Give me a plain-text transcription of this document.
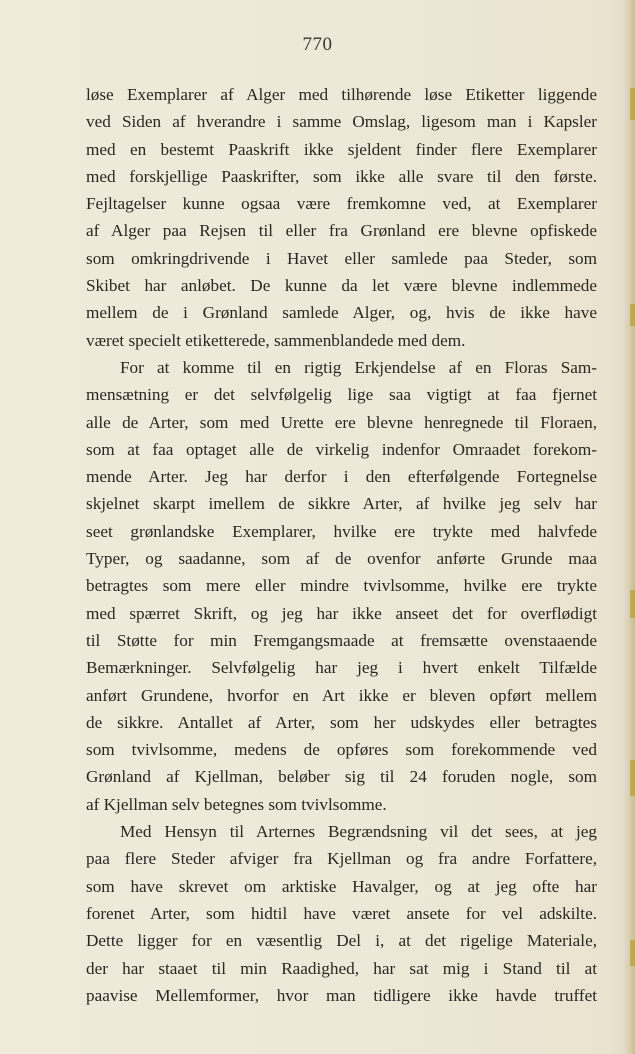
770
løse Exemplarer af Alger med tilhørende løse Etiketter liggende
ved Siden af hverandre i samme Omslag, ligesom man i Kapsler
med en bestemt Paaskrift ikke sjeldent finder flere Exemplarer
med forskjellige Paaskrifter, som ikke alle svare til den første.
Fejltagelser kunne ogsaa være fremkomne ved, at Exemplarer
af Alger paa Rejsen til eller fra Grønland ere blevne opfiskede
som omkringdrivende i Havet eller samlede paa Steder, som
Skibet har anløbet. De kunne da let være blevne indlemmede
mellem de i Grønland samlede Alger, og, hvis de ikke have
været specielt etiketterede, sammenblandede med dem.
For at komme til en rigtig Erkjendelse af en Floras Sam-
mensætning er det selvfølgelig lige saa vigtigt at faa fjernet
alle de Arter, som med Urette ere blevne henregnede til Floraen,
som at faa optaget alle de virkelig indenfor Omraadet forekom-
mende Arter. Jeg har derfor i den efterfølgende Fortegnelse
skjelnet skarpt imellem de sikkre Arter, af hvilke jeg selv har
seet grønlandske Exemplarer, hvilke ere trykte med halvfede
Typer, og saadanne, som af de ovenfor anførte Grunde maa
betragtes som mere eller mindre tvivlsomme, hvilke ere trykte
med spærret Skrift, og jeg har ikke anseet det for overflødigt
til Støtte for min Fremgangsmaade at fremsætte ovenstaaende
Bemærkninger. Selvfølgelig har jeg i hvert enkelt Tilfælde
anført Grundene, hvorfor en Art ikke er bleven opført mellem
de sikkre. Antallet af Arter, som her udskydes eller betragtes
som tvivlsomme, medens de opføres som forekommende ved
Grønland af Kjellman, beløber sig til 24 foruden nogle, som
af Kjellman selv betegnes som tvivlsomme.
Med Hensyn til Arternes Begrændsning vil det sees, at jeg
paa flere Steder afviger fra Kjellman og fra andre Forfattere,
som have skrevet om arktiske Havalger, og at jeg ofte har
forenet Arter, som hidtil have været ansete for vel adskilte.
Dette ligger for en væsentlig Del i, at det rigelige Materiale,
der har staaet til min Raadighed, har sat mig i Stand til at
paavise Mellemformer, hvor man tidligere ikke havde truffet
